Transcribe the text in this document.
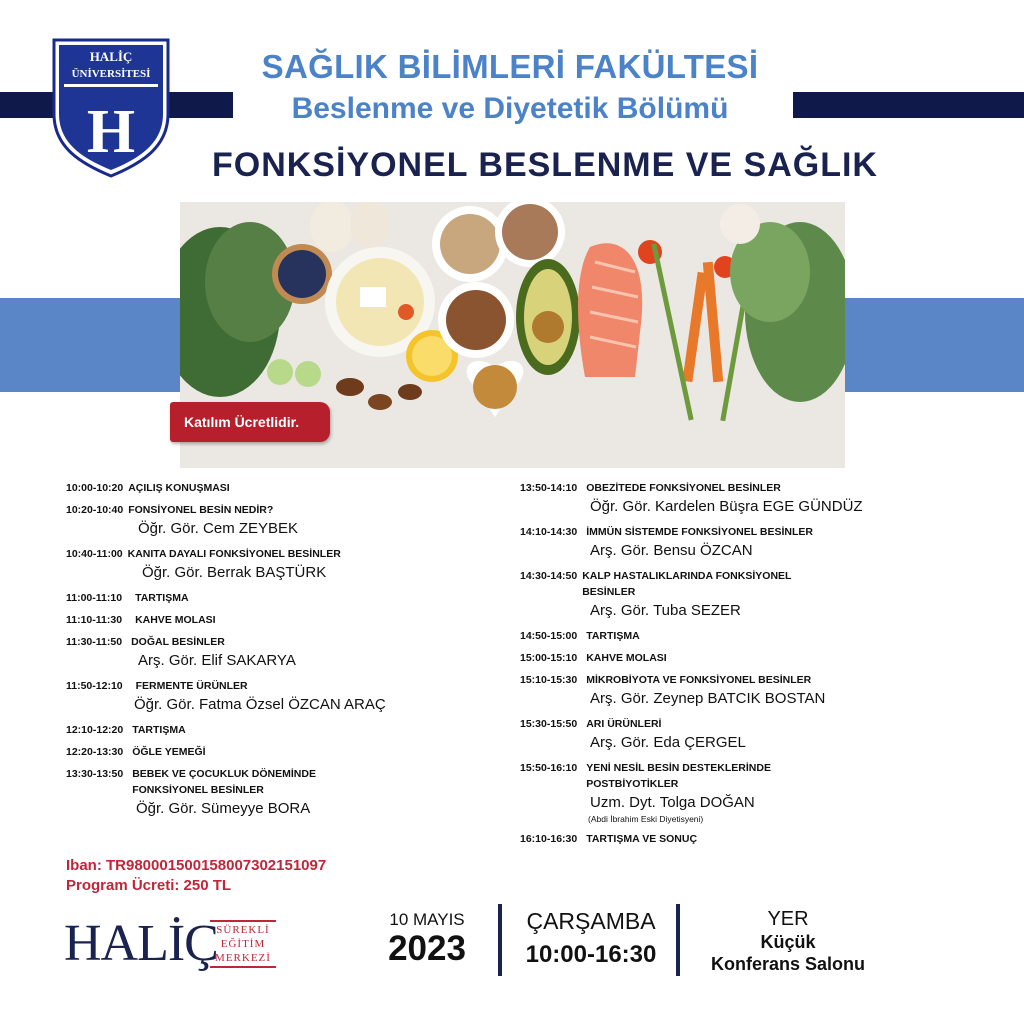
HALİÇ
ÜNİVERSİTESİ
H
SAĞLIK BİLİMLERİ FAKÜLTESİ
Beslenme ve Diyetetik Bölümü
FONKSİYONEL BESLENME VE SAĞLIK
Katılım Ücretlidir.
10:00-10:20 AÇILIŞ KONUŞMASI
10:20-10:40 FONSİYONEL BESİN NEDİR?
Öğr. Gör. Cem ZEYBEK
10:40-11:00 KANITA DAYALI FONKSİYONEL BESİNLER
Öğr. Gör. Berrak BAŞTÜRK
11:00-11:10 TARTIŞMA
11:10-11:30 KAHVE MOLASI
11:30-11:50 DOĞAL BESİNLER
Arş. Gör. Elif SAKARYA
11:50-12:10 FERMENTE ÜRÜNLER
Öğr. Gör. Fatma Özsel ÖZCAN ARAÇ
12:10-12:20 TARTIŞMA
12:20-13:30 ÖĞLE YEMEĞİ
13:30-13:50 BEBEK VE ÇOCUKLUK DÖNEMİNDE FONKSİYONEL BESİNLER
Öğr. Gör. Sümeyye BORA
13:50-14:10 OBEZİTEDE FONKSİYONEL BESİNLER
Öğr. Gör. Kardelen Büşra EGE GÜNDÜZ
14:10-14:30 İMMÜN SİSTEMDE FONKSİYONEL BESİNLER
Arş. Gör. Bensu ÖZCAN
14:30-14:50 KALP HASTALIKLARINDA FONKSİYONEL BESİNLER
Arş. Gör. Tuba SEZER
14:50-15:00 TARTIŞMA
15:00-15:10 KAHVE MOLASI
15:10-15:30 MİKROBİYOTA VE FONKSİYONEL BESİNLER
Arş. Gör. Zeynep BATCIK BOSTAN
15:30-15:50 ARI ÜRÜNLERİ
Arş. Gör. Eda ÇERGEL
15:50-16:10 YENİ NESİL BESİN DESTEKLERİNDE POSTBİYOTİKLER
Uzm. Dyt. Tolga DOĞAN
(Abdi İbrahim Eski Diyetisyeni)
16:10-16:30 TARTIŞMA VE SONUÇ
Iban: TR980001500158007302151097
Program Ücreti: 250 TL
HALİÇ
SÜREKLİ
EĞİTİM
MERKEZİ
10 MAYIS
2023
ÇARŞAMBA
10:00-16:30
YER
Küçük
Konferans Salonu
